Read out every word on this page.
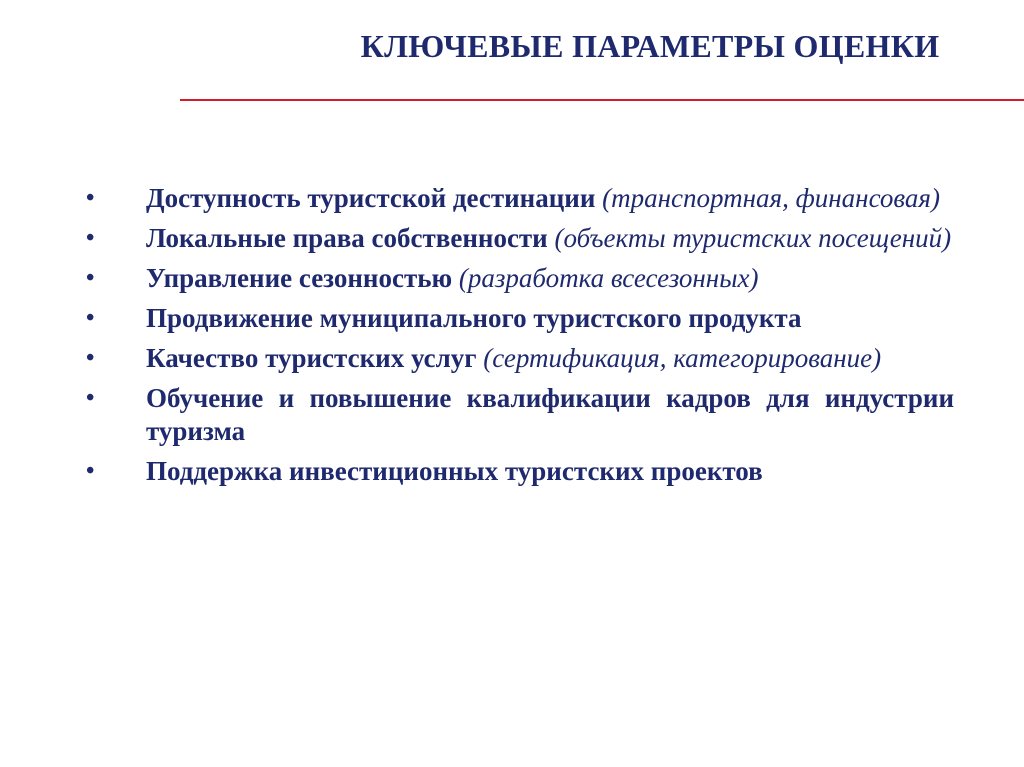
КЛЮЧЕВЫЕ ПАРАМЕТРЫ ОЦЕНКИ
•	Доступность туристской дестинации (транспортная, финансовая)
•	Локальные права собственности (объекты туристских посещений)
•	Управление сезонностью (разработка всесезонных)
•	Продвижение муниципального туристского продукта
•	Качество туристских услуг (сертификация, категорирование)
•	Обучение и повышение квалификации кадров для индустрии туризма
•	Поддержка инвестиционных туристских проектов
